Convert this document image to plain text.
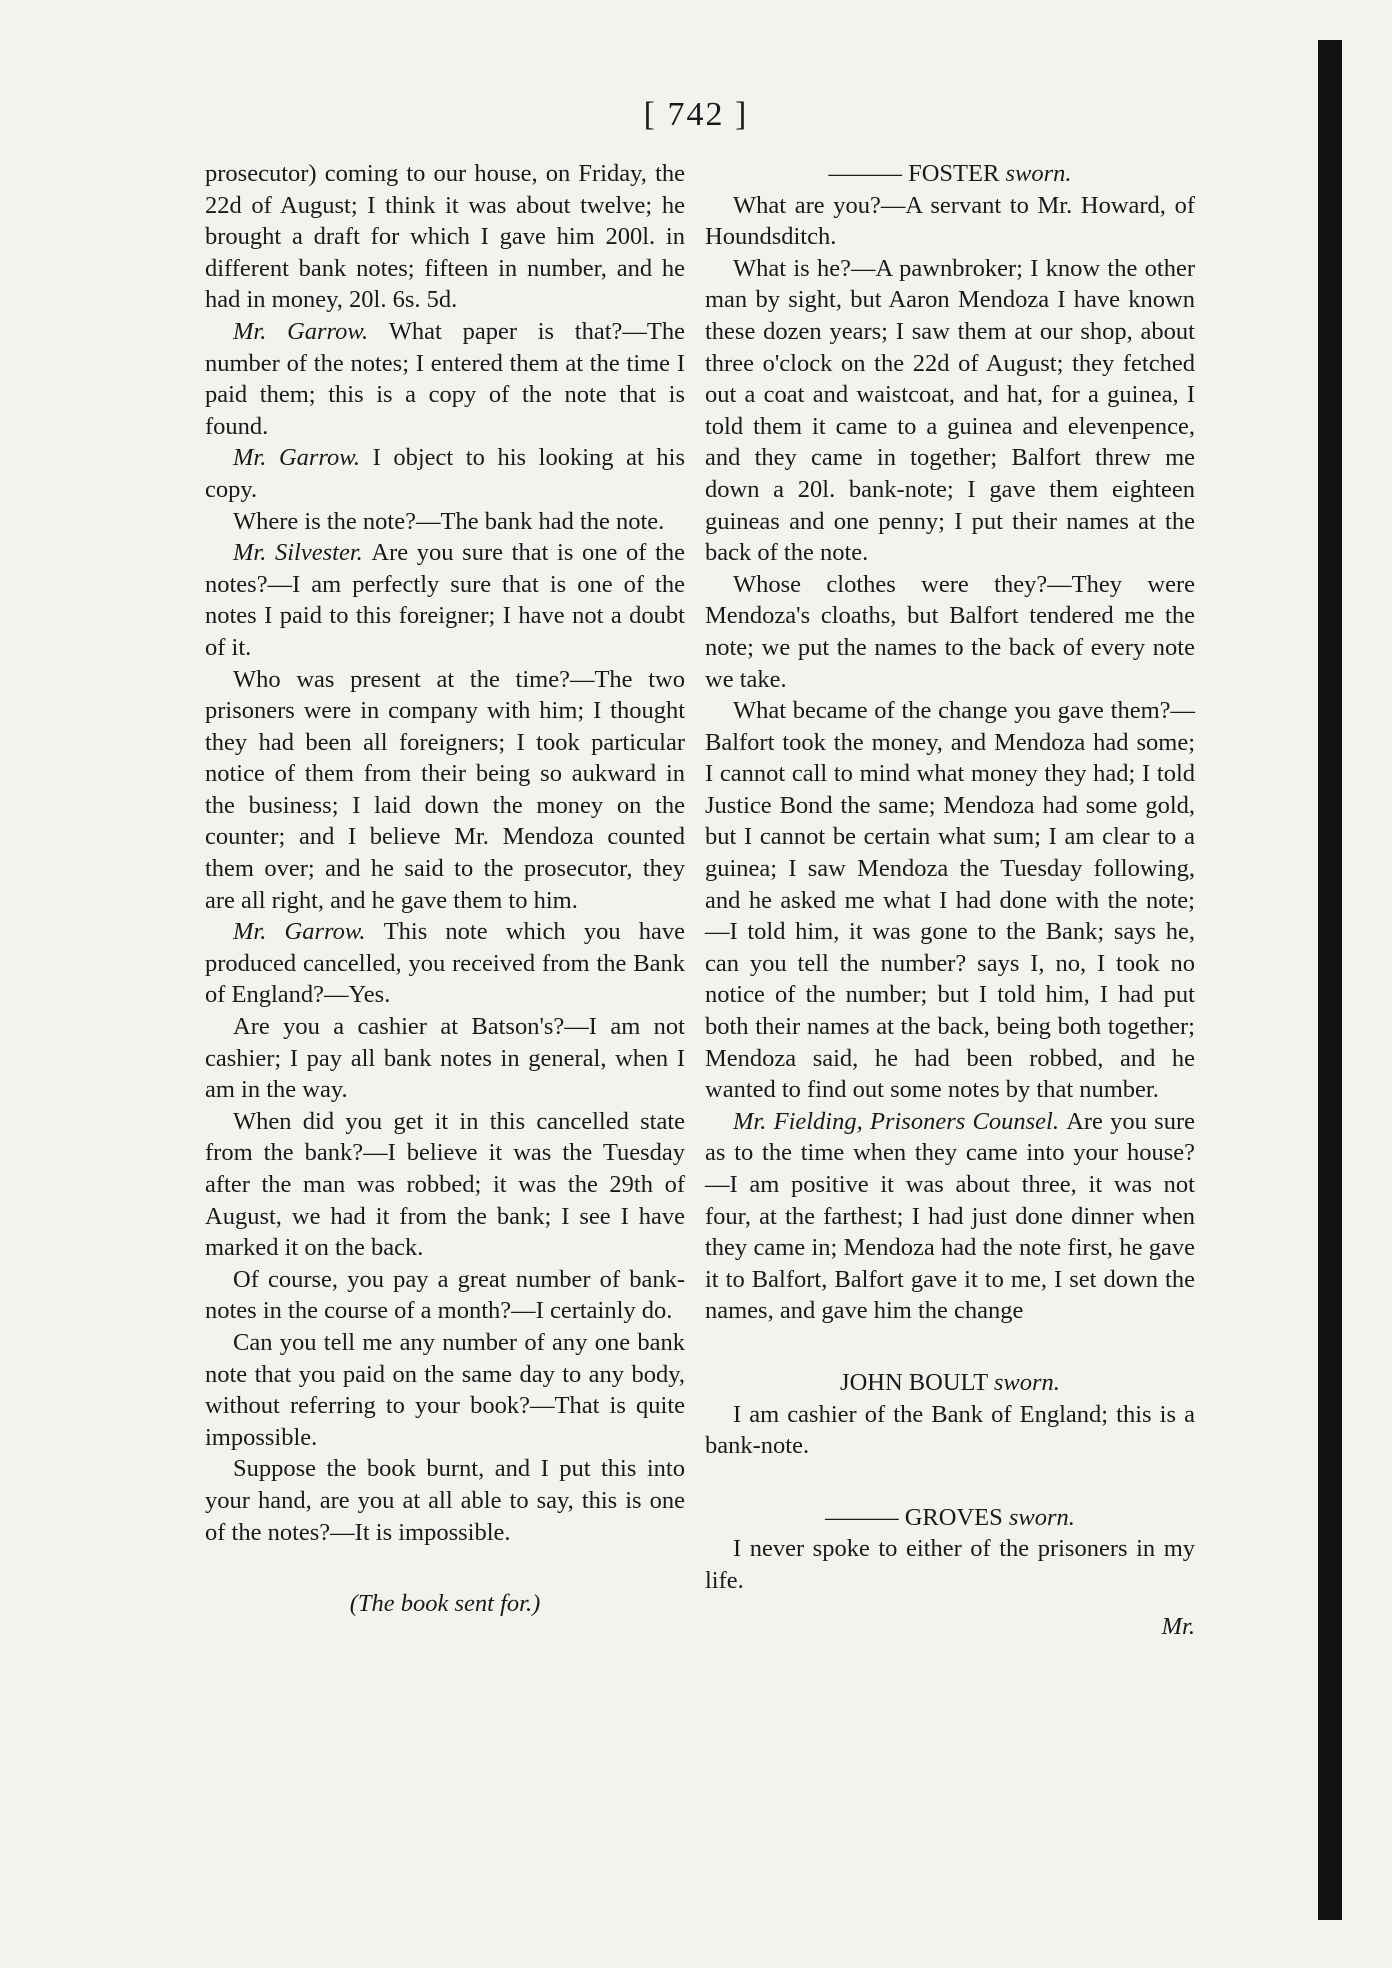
[ 742 ]

prosecutor) coming to our house, on Friday, the 22d of August; I think it was about twelve; he brought a draft for which I gave him 200l. in different bank notes; fifteen in number, and he had in money, 20l. 6s. 5d.

Mr. Garrow. What paper is that?—The number of the notes; I entered them at the time I paid them; this is a copy of the note that is found.

Mr. Garrow. I object to his looking at his copy.

Where is the note?—The bank had the note.

Mr. Silvester. Are you sure that is one of the notes?—I am perfectly sure that is one of the notes I paid to this foreigner; I have not a doubt of it.

Who was present at the time?—The two prisoners were in company with him; I thought they had been all foreigners; I took particular notice of them from their being so aukward in the business; I laid down the money on the counter; and I believe Mr. Mendoza counted them over; and he said to the prosecutor, they are all right, and he gave them to him.

Mr. Garrow. This note which you have produced cancelled, you received from the Bank of England?—Yes.

Are you a cashier at Batson's?—I am not cashier; I pay all bank notes in general, when I am in the way.

When did you get it in this cancelled state from the bank?—I believe it was the Tuesday after the man was robbed; it was the 29th of August, we had it from the bank; I see I have marked it on the back.

Of course, you pay a great number of bank-notes in the course of a month?—I certainly do.

Can you tell me any number of any one bank note that you paid on the same day to any body, without referring to your book?—That is quite impossible.

Suppose the book burnt, and I put this into your hand, are you at all able to say, this is one of the notes?—It is impossible.

(The book sent for.)

——— FOSTER sworn.

What are you?—A servant to Mr. Howard, of Houndsditch.

What is he?—A pawnbroker; I know the other man by sight, but Aaron Mendoza I have known these dozen years; I saw them at our shop, about three o'clock on the 22d of August; they fetched out a coat and waistcoat, and hat, for a guinea, I told them it came to a guinea and elevenpence, and they came in together; Balfort threw me down a 20l. bank-note; I gave them eighteen guineas and one penny; I put their names at the back of the note.

Whose clothes were they?—They were Mendoza's cloaths, but Balfort tendered me the note; we put the names to the back of every note we take.

What became of the change you gave them?—Balfort took the money, and Mendoza had some; I cannot call to mind what money they had; I told Justice Bond the same; Mendoza had some gold, but I cannot be certain what sum; I am clear to a guinea; I saw Mendoza the Tuesday following, and he asked me what I had done with the note;—I told him, it was gone to the Bank; says he, can you tell the number? says I, no, I took no notice of the number; but I told him, I had put both their names at the back, being both together; Mendoza said, he had been robbed, and he wanted to find out some notes by that number.

Mr. Fielding, Prisoners Counsel. Are you sure as to the time when they came into your house?—I am positive it was about three, it was not four, at the farthest; I had just done dinner when they came in; Mendoza had the note first, he gave it to Balfort, Balfort gave it to me, I set down the names, and gave him the change

JOHN BOULT sworn.

I am cashier of the Bank of England; this is a bank-note.

——— GROVES sworn.

I never spoke to either of the prisoners in my life.

Mr.
